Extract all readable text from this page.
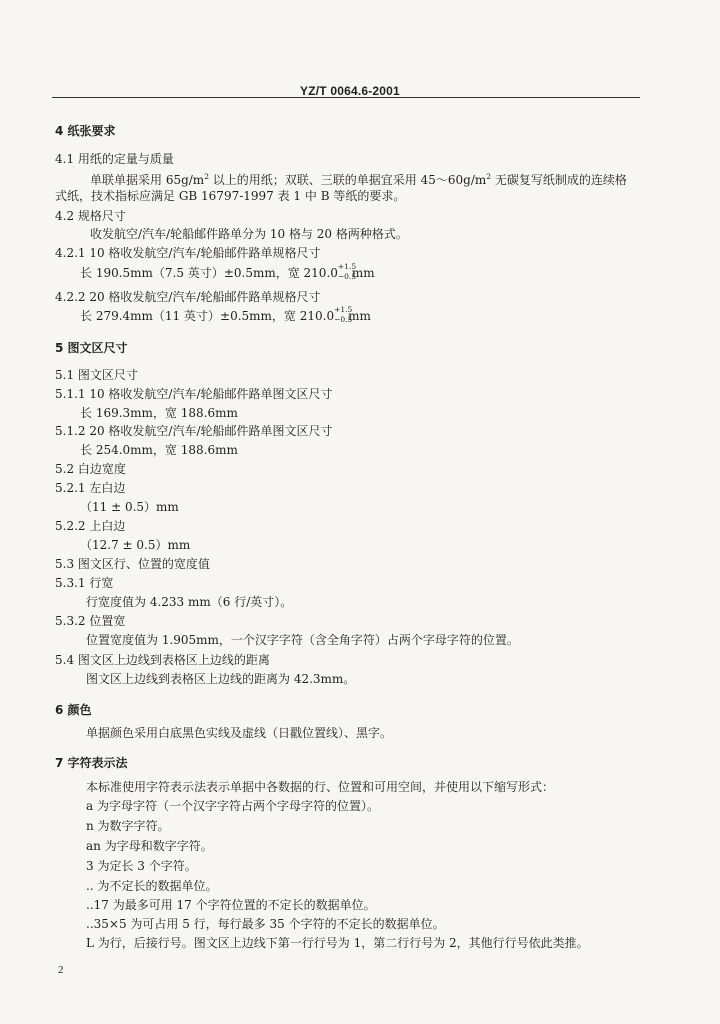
YZ/T 0064.6-2001
4 纸张要求
4.1 用纸的定量与质量
单联单据采用 $65g/m^2$ 以上的用纸；双联、三联的单据宜采用 $45\sim 60g/m^2$ 无碳复写纸制成的连续格
式纸，技术指标应满足 GB 16797-1997 表 1 中 B 等纸的要求。
4.2 规格尺寸
收发航空/汽车/轮船邮件路单分为 10 格与 20 格两种格式。
4.2.1 10 格收发航空/汽车/轮船邮件路单规格尺寸
长 190.5mm（7.5 英寸）±0.5mm，宽 210.0 +1.5
−0.5
mm
4.2.2 20 格收发航空/汽车/轮船邮件路单规格尺寸
长 279.4mm（11 英寸）±0.5mm，宽 210.0 +1.5
−0.5
mm
5 图文区尺寸
5.1 图文区尺寸
5.1.1 10 格收发航空/汽车/轮船邮件路单图文区尺寸
长 169.3mm，宽 188.6mm
5.1.2 20 格收发航空/汽车/轮船邮件路单图文区尺寸
长 254.0mm，宽 188.6mm
5.2 白边宽度
5.2.1 左白边
（11 ± 0.5）mm
5.2.2 上白边
（12.7 ± 0.5）mm
5.3 图文区行、位置的宽度值
5.3.1 行宽
行宽度值为 4.233 mm（6 行/英寸）。
5.3.2 位置宽
位置宽度值为 1.905mm，一个汉字字符（含全角字符）占两个字母字符的位置。
5.4 图文区上边线到表格区上边线的距离
图文区上边线到表格区上边线的距离为 42.3mm。
6 颜色
单据颜色采用白底黑色实线及虚线（日戳位置线）、黑字。
7 字符表示法
本标准使用字符表示法表示单据中各数据的行、位置和可用空间，并使用以下缩写形式：
a 为字母字符（一个汉字字符占两个字母字符的位置）。
n 为数字字符。
an 为字母和数字字符。
3 为定长 3 个字符。
.. 为不定长的数据单位。
..17 为最多可用 17 个字符位置的不定长的数据单位。
..35×5 为可占用 5 行，每行最多 35 个字符的不定长的数据单位。
L 为行，后接行号。图文区上边线下第一行行号为 1，第二行行号为 2，其他行行号依此类推。
2
